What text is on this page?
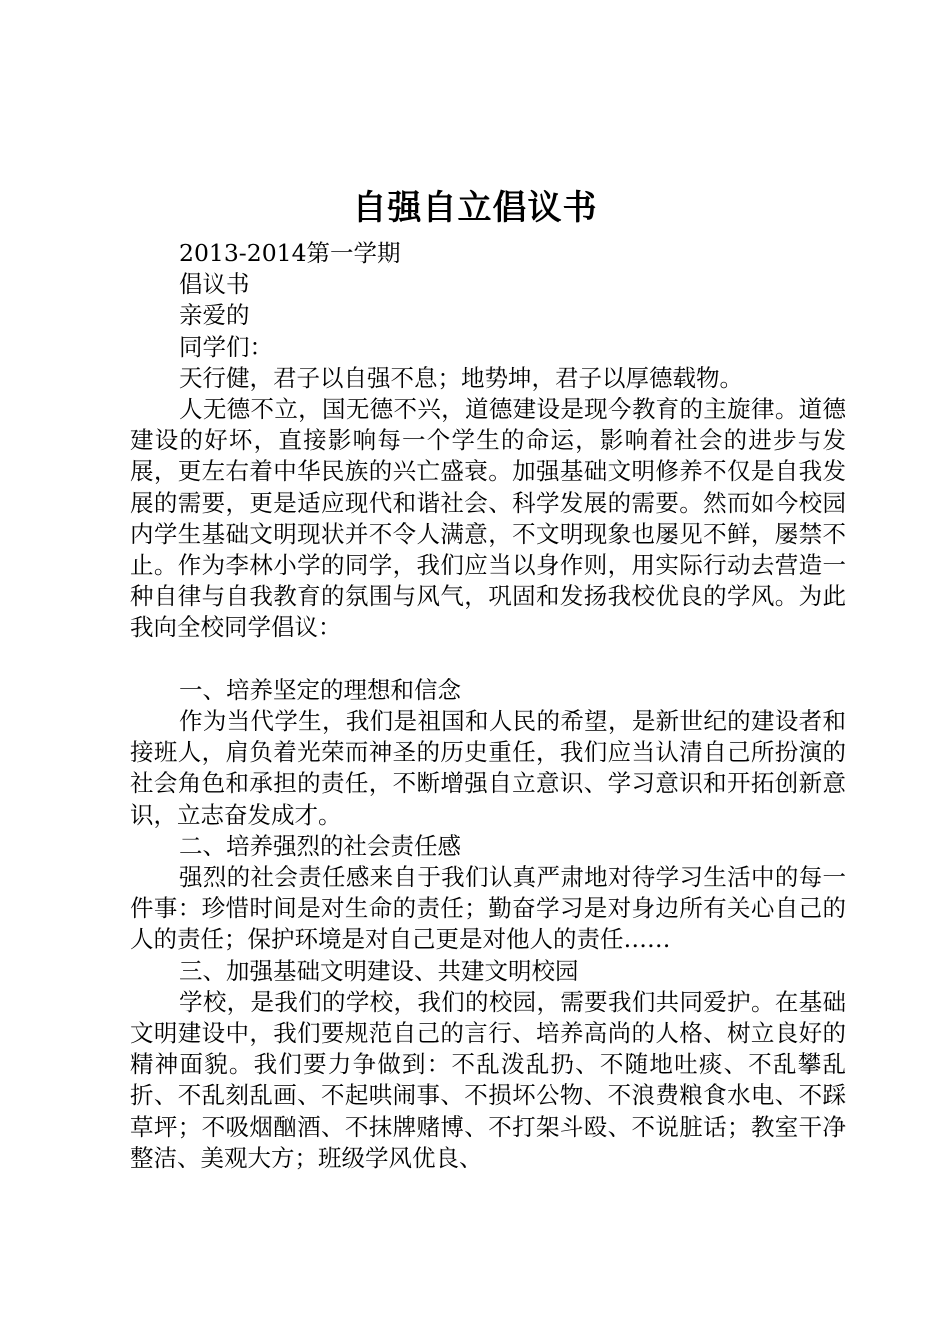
自强自立倡议书
2013-2014第一学期
倡议书
亲爱的
同学们：
天行健，君子以自强不息；地势坤，君子以厚德载物。

人无德不立，国无德不兴，道德建设是现今教育的主旋律。道德建设的好坏，直接影响每一个学生的命运，影响着社会的进步与发展，更左右着中华民族的兴亡盛衰。加强基础文明修养不仅是自我发展的需要，更是适应现代和谐社会、科学发展的需要。然而如今校园内学生基础文明现状并不令人满意，不文明现象也屡见不鲜，屡禁不止。作为李林小学的同学，我们应当以身作则，用实际行动去营造一种自律与自我教育的氛围与风气，巩固和发扬我校优良的学风。为此我向全校同学倡议：

一、培养坚定的理想和信念

作为当代学生，我们是祖国和人民的希望，是新世纪的建设者和接班人，肩负着光荣而神圣的历史重任，我们应当认清自己所扮演的社会角色和承担的责任，不断增强自立意识、学习意识和开拓创新意识，立志奋发成才。

二、培养强烈的社会责任感

强烈的社会责任感来自于我们认真严肃地对待学习生活中的每一件事：珍惜时间是对生命的责任；勤奋学习是对身边所有关心自己的人的责任；保护环境是对自己更是对他人的责任……

三、加强基础文明建设、共建文明校园

学校，是我们的学校，我们的校园，需要我们共同爱护。在基础文明建设中，我们要规范自己的言行、培养高尚的人格、树立良好的精神面貌。我们要力争做到：不乱泼乱扔、不随地吐痰、不乱攀乱折、不乱刻乱画、不起哄闹事、不损坏公物、不浪费粮食水电、不踩草坪；不吸烟酗酒、不抹牌赌博、不打架斗殴、不说脏话；教室干净整洁、美观大方；班级学风优良、
